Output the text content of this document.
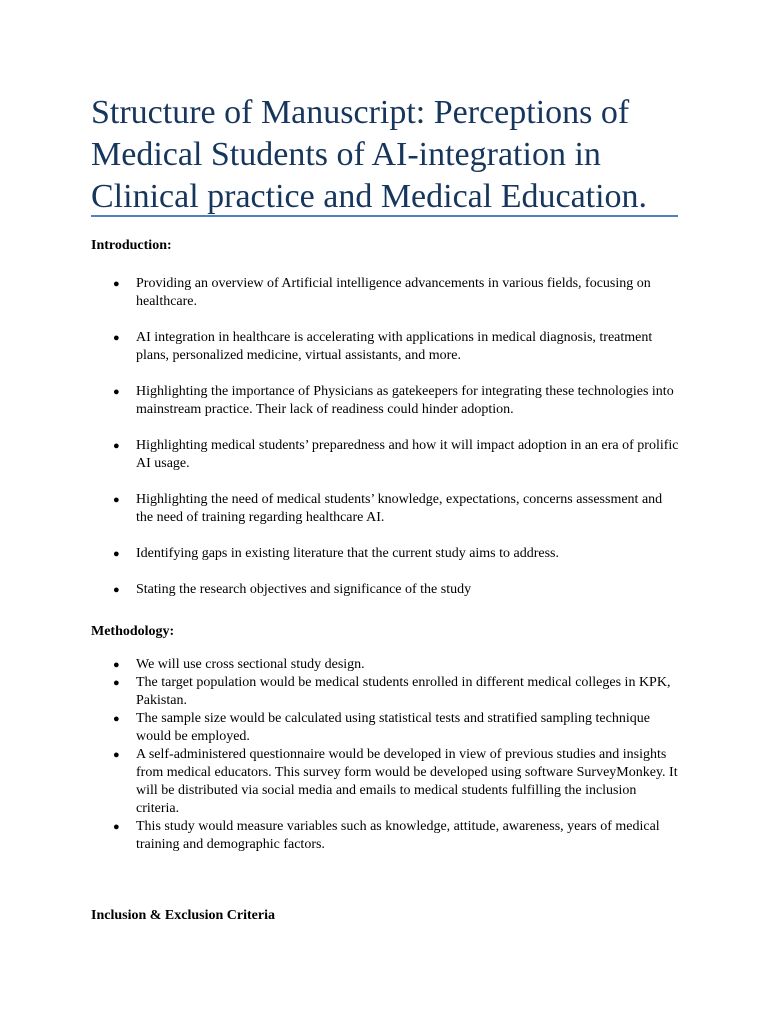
Structure of Manuscript: Perceptions of Medical Students of AI-integration in Clinical practice and Medical Education.
Introduction:
● Providing an overview of Artificial intelligence advancements in various fields, focusing on healthcare.
● AI integration in healthcare is accelerating with applications in medical diagnosis, treatment plans, personalized medicine, virtual assistants, and more.
● Highlighting the importance of Physicians as gatekeepers for integrating these technologies into mainstream practice. Their lack of readiness could hinder adoption.
● Highlighting medical students’ preparedness and how it will impact adoption in an era of prolific AI usage.
● Highlighting the need of medical students’ knowledge, expectations, concerns assessment and the need of training regarding healthcare AI.
● Identifying gaps in existing literature that the current study aims to address.
● Stating the research objectives and significance of the study
Methodology:
● We will use cross sectional study design.
● The target population would be medical students enrolled in different medical colleges in KPK, Pakistan.
● The sample size would be calculated using statistical tests and stratified sampling technique would be employed.
● A self-administered questionnaire would be developed in view of previous studies and insights from medical educators. This survey form would be developed using software SurveyMonkey. It will be distributed via social media and emails to medical students fulfilling the inclusion criteria.
● This study would measure variables such as knowledge, attitude, awareness, years of medical training and demographic factors.
Inclusion & Exclusion Criteria
